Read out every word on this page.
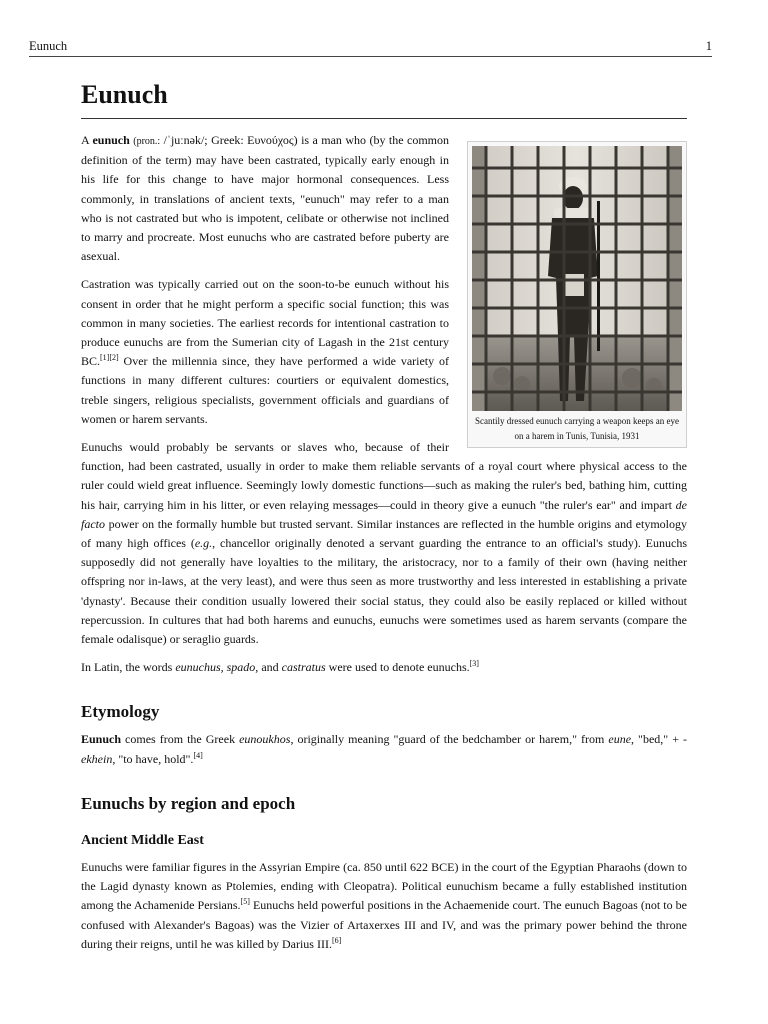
Eunuch	1
Eunuch
Scantily dressed eunuch carrying a weapon keeps an eye on a harem in Tunis, Tunisia, 1931

A eunuch (pron.: /ˈjuːnək/; Greek: Ευνούχος) is a man who (by the common definition of the term) may have been castrated, typically early enough in his life for this change to have major hormonal consequences. Less commonly, in translations of ancient texts, "eunuch" may refer to a man who is not castrated but who is impotent, celibate or otherwise not inclined to marry and procreate. Most eunuchs who are castrated before puberty are asexual.

Castration was typically carried out on the soon-to-be eunuch without his consent in order that he might perform a specific social function; this was common in many societies. The earliest records for intentional castration to produce eunuchs are from the Sumerian city of Lagash in the 21st century BC.[1][2] Over the millennia since, they have performed a wide variety of functions in many different cultures: courtiers or equivalent domestics, treble singers, religious specialists, government officials and guardians of women or harem servants.

Eunuchs would probably be servants or slaves who, because of their function, had been castrated, usually in order to make them reliable servants of a royal court where physical access to the ruler could wield great influence. Seemingly lowly domestic functions—such as making the ruler's bed, bathing him, cutting his hair, carrying him in his litter, or even relaying messages—could in theory give a eunuch "the ruler's ear" and impart de facto power on the formally humble but trusted servant. Similar instances are reflected in the humble origins and etymology of many high offices (e.g., chancellor originally denoted a servant guarding the entrance to an official's study). Eunuchs supposedly did not generally have loyalties to the military, the aristocracy, nor to a family of their own (having neither offspring nor in-laws, at the very least), and were thus seen as more trustworthy and less interested in establishing a private 'dynasty'. Because their condition usually lowered their social status, they could also be easily replaced or killed without repercussion. In cultures that had both harems and eunuchs, eunuchs were sometimes used as harem servants (compare the female odalisque) or seraglio guards.

In Latin, the words eunuchus, spado, and castratus were used to denote eunuchs.[3]

Etymology

Eunuch comes from the Greek eunoukhos, originally meaning "guard of the bedchamber or harem," from eune, "bed," + -ekhein, "to have, hold".[4]

Eunuchs by region and epoch
Ancient Middle East

Eunuchs were familiar figures in the Assyrian Empire (ca. 850 until 622 BCE) in the court of the Egyptian Pharaohs (down to the Lagid dynasty known as Ptolemies, ending with Cleopatra). Political eunuchism became a fully established institution among the Achamenide Persians.[5] Eunuchs held powerful positions in the Achaemenide court. The eunuch Bagoas (not to be confused with Alexander's Bagoas) was the Vizier of Artaxerxes III and IV, and was the primary power behind the throne during their reigns, until he was killed by Darius III.[6]
